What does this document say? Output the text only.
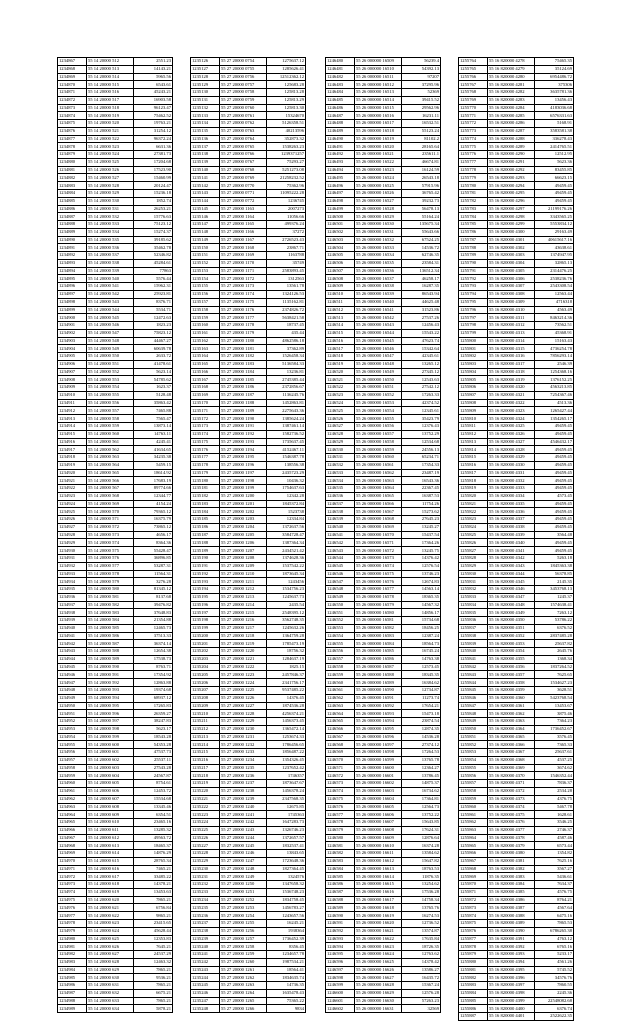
1234867	55 14 20000 512	2551.23
1234868	55 14 20000 513	14143.21
1234869	55 14 20000 514	5965.56
1234870	55 14 20000 515	6543.61
1234871	55 14 20000 516	45243.21
1234872	55 14 20000 517	16903.58
1234873	55 14 20000 518	96123.47
1234874	55 14 20000 519	75462.52
1234875	55 14 20000 520	19763.21
1234876	55 14 20000 521	31254.12
1234877	55 14 20000 522	96372.24
1234878	55 14 20000 523	6631.36
1234879	55 14 20000 524	27381.73
1234880	55 14 20000 525	17204.68
1234881	55 14 20000 526	17523.90
1234882	55 14 20000 527	15460.99
1234883	55 14 20000 528	20124.47
1234884	55 14 20000 529	15236.18
1234885	55 14 20000 530	1852.74
1234886	55 14 20000 531	26253.21
1234887	55 14 20000 532	15776.63
1234888	55 14 20000 533	75123.12
1234889	55 14 20000 534	15274.37
1234890	55 14 20000 535	39185.62
1234891	55 14 20000 536	35462.78
1234892	55 14 20000 537	52346.82
1234893	55 14 20000 538	45284.61
1234894	55 14 20000 539	77863
1234895	55 14 20000 540	5576.44
1234896	55 14 20000 541	15962.31
1234897	55 14 20000 542	25923.81
1234898	55 14 20000 543	8376.71
1234899	55 14 20000 544	5534.71
1234900	55 14 20000 545	12472.63
1234901	55 14 20000 546	1823.23
1234902	55 14 20000 547	75823.12
1234903	55 14 20000 548	44467.27
1234904	55 14 20000 549	60639.78
1234905	55 14 20000 550	2633.72
1234906	55 14 20000 551	41478.61
1234907	55 14 20000 552	5623.14
1234908	55 14 20000 553	54785.62
1234909	55 14 20000 554	1623.37
1234910	55 14 20000 555	5128.48
1234911	55 14 20000 556	35863.42
1234912	55 14 20000 557	7465.88
1234913	55 14 20000 558	7565.47
1234914	55 14 20000 559	13873.14
1234915	55 14 20000 560	14763.11
1234916	55 14 20000 561	4245.41
1234917	55 14 20000 562	41634.65
1234918	55 14 20000 563	34235.38
1234919	55 14 20000 564	5459.15
1234920	55 14 20000 565	18614.92
1234921	55 14 20000 566	17683.19
1234922	55 14 20000 567	89774.66
1234923	55 14 20000 568	12344.77
1234924	55 14 20000 569	4154.24
1234925	55 14 20000 570	79365.12
1234926	55 14 20000 571	16375.79
1234927	55 14 20000 572	73865.12
1234928	55 14 20000 573	4656.17
1234929	55 14 20000 574	8364.36
1234930	55 14 20000 575	55428.47
1234931	55 14 20000 576	36896.85
1234932	55 14 20000 577	53287.31
1234933	55 14 20000 578	11564.31
1234934	55 14 20000 579	3276.28
1234935	55 14 20000 580	81345.12
1234936	55 14 20000 581	8137.68
1234937	55 14 20000 582	39476.82
1234938	55 14 20000 583	37648.83
1234939	55 14 20000 584	21354.88
1234940	55 14 20000 585	12465.73
1234941	55 14 20000 586	37513.33
1234942	55 14 20000 587	36374.14
1234943	55 14 20000 588	12654.38
1234944	55 14 20000 589	17538.73
1234945	55 14 20000 590	8763.71
1234946	55 14 20000 591	17354.92
1234947	55 14 20000 592	12863.88
1234948	55 14 20000 593	19374.68
1234949	55 14 20000 594	68937.12
1234950	55 14 20000 595	17265.83
1234951	55 14 20000 596	26359.27
1234952	55 14 20000 597	38247.83
1234953	55 14 20000 598	5623.17
1234954	55 14 20000 599	18543.28
1234955	55 14 20000 600	54353.28
1234956	55 14 20000 601	47537.73
1234957	55 14 20000 602	25537.11
1234958	55 14 20000 603	27543.28
1234959	55 14 20000 604	24567.87
1234960	55 14 20000 605	8754.61
1234961	55 14 20000 606	12453.72
1234962	55 14 20000 607	15534.68
1234963	55 14 20000 608	13345.46
1234964	55 14 20000 609	6354.51
1234965	55 14 20000 610	23465.16
1234966	55 14 20000 611	13285.32
1234967	55 14 20000 612	49563.72
1234968	55 14 20000 613	18465.37
1234969	55 14 20000 614	14876.29
1234970	55 14 20000 615	28765.34
1234971	55 14 20000 616	7465.21
1234972	55 14 20000 617	33485.22
1234973	55 14 20000 618	14378.21
1234974	55 14 20000 619	13453.63
1234975	55 14 20000 620	7865.21
1234976	55 14 20000 621	6756.84
1234977	55 14 20000 622	9865.21
1234978	55 14 20000 623	23415.65
1234979	55 14 20000 624	45628.44
1234980	55 14 20000 625	12353.83
1234981	55 14 20000 626	7645.21
1234982	55 14 20000 627	24537.29
1234983	55 14 20000 628	12463.32
1234984	55 14 20000 629	7865.21
1234985	55 14 20000 630	9536.21
1234986	55 14 20000 631	7865.21
1234987	55 14 20000 632	6675.21
1234988	55 14 20000 633	7865.21
1234989	55 14 20000 634	5878.21
1235126	55 27 20000 0754	1275637.12
1235127	55 27 20000 0755	1285626.41
1235128	55 27 20000 0756	12512362.12
1235129	55 27 20000 0757	125683.28
1235130	55 27 20000 0758	125813.28
1235131	55 27 20000 0759	125813.29
1235132	55 27 20000 0760	125813.30
1235133	55 27 20000 0761	15324670
1235134	55 27 20000 0762	5126358.51
1235135	55 27 20000 0763	40213596
1235136	55 27 20000 0764	352873.32
1235137	55 27 20000 0765	1538263.23
1235138	55 27 20000 0766	1239371257
1235139	55 27 20000 0767	75293.27
1235140	55 27 20000 0768	5251273.08
1235141	55 27 20000 0769	21258232.52
1235142	55 27 20000 0770	75362.96
1235143	55 27 20000 0771	11095222.28
1235144	55 27 20000 0772	1236745
1235145	55 27 20000 1163	2007273
1235146	55 27 20000 1164	11056.66
1235147	55 27 20000 1165	499376.24
1235148	55 27 20000 1166	37272
1235149	55 27 20000 1167	2726523.43
1235150	55 27 20000 1168	23867.71
1235151	55 27 20000 1169	1163788
1235152	55 27 20000 1170	35749
1235153	55 27 20000 1171	2583893.45
1235154	55 27 20000 1172	1312563
1235155	55 27 20000 1173	13561.78
1235156	55 27 20000 1174	1324126.53
1235157	55 27 20000 1175	1135162.81
1235158	55 27 20000 1176	2374826.72
1235159	55 27 20000 1177	5638421.58
1235160	55 27 20000 1178	18737.45
1235161	55 27 20000 1179	435.44
1235162	55 27 20000 1180	4862586.18
1235163	55 27 20000 1181	37362.89
1235164	55 27 20000 1182	1526458.34
1235165	55 27 20000 1183	5136584.33
1235166	55 27 20000 1184	13236.81
1235167	55 27 20000 1185	2745385.44
1235168	55 27 20000 1186	2372856.67
1235169	55 27 20000 1187	1136245.76
1235170	55 27 20000 1188	1452863.81
1235171	55 27 20000 1189	2275643.36
1235172	55 27 20000 1190	1385624.24
1235173	55 27 20000 1191	1387461.14
1235174	55 27 20000 1192	1582736.52
1235175	55 27 20000 1193	1735637.45
1235176	55 27 20000 1194	4152467.11
1235177	55 27 20000 1195	1546387.78
1235178	55 27 20000 1196	138556.38
1235179	55 27 20000 1197	2435723.29
1235180	55 27 20000 1198	10436.32
1235181	55 27 20000 1199	1754637.63
1235182	55 27 20000 1200	12342.28
1235183	55 27 20000 1201	1845372.84
1235184	55 27 20000 1202	1523738
1235185	55 27 20000 1203	12334.84
1235186	55 27 20000 1204	1372637.56
1235187	55 27 20000 1205	3584728.47
1235188	55 27 20000 1206	1387364.34
1235189	55 27 20000 1207	2434521.42
1235190	55 27 20000 1208	1374628.36
1235191	55 27 20000 1209	1537542.22
1235192	55 27 20000 1210	1873645.34
1235193	55 27 20000 1211	1243456
1235194	55 27 20000 1212	1534756.23
1235195	55 27 20000 1213	1245637.73
1235196	55 27 20000 1214	2435.54
1235197	55 27 20000 1215	2548395.12
1235198	55 27 20000 1216	3562748.35
1235199	55 27 20000 1217	1245632.26
1235200	55 27 20000 1218	1364759.28
1235201	55 27 20000 1219	1785473.19
1235202	55 27 20000 1220	18756.32
1235203	55 27 20000 1221	1284637.19
1235204	55 27 20000 1222	1825.15
1235205	55 27 20000 1223	2457846.37
1235206	55 27 20000 1224	2341756.17
1235207	55 27 20000 1225	9537485.22
1235208	55 27 20000 1226	14376.45
1235209	55 27 20000 1227	1874536.28
1235210	55 27 20000 1228	4256374.21
1235211	55 27 20000 1229	1456373.45
1235212	55 27 20000 1230	1365472.14
1235213	55 27 20000 1231	1253674.33
1235214	55 27 20000 1232	1786456.65
1235215	55 27 20000 1233	1856487.22
1235216	55 27 20000 1234	1354326.45
1235217	55 27 20000 1235	1237652.42
1235218	55 27 20000 1236	1746357
1235219	55 27 20000 1237	1873647.67
1235220	55 27 20000 1238	1456378.24
1235221	55 27 20000 1239	2347568.35
1235222	55 27 20000 1240	12675.85
1235223	55 27 20000 1241	1745363
1235224	55 27 20000 1242	1647283.73
1235225	55 27 20000 1243	1326746.23
1235226	55 27 20000 1244	1372657.57
1235227	55 27 20000 1245	1832537.41
1235228	55 27 20000 1246	13843.65
1235229	55 27 20000 1247	1723648.36
1235230	55 27 20000 1248	1827364.45
1235231	55 27 20000 1249	1324576
1235232	55 27 20000 1250	1347658.32
1235233	55 27 20000 1251	1536748.23
1235234	55 27 20000 1252	1834758.45
1235235	55 27 20000 1253	1456783.27
1235236	55 27 20000 1254	1243657.56
1235237	55 27 20000 1255	16245.21
1235238	55 27 20000 1256	1938364
1235239	55 27 20000 1257	1736452.39
1235240	55 27 20000 1258	8356.45
1235241	55 27 20000 1259	1234657.78
1235242	55 27 20000 1260	1987534.21
1235243	55 27 20000 1261	18564.41
1235244	55 27 20000 1262	1834635.74
1235245	55 27 20000 1263	14736.35
1235246	55 27 20000 1264	1635478.43
1235247	55 27 20000 1265	75365.22
1235248	55 27 20000 1266	9834
1246480	55 26 000000 16509	56239.4
1246481	55 26 000000 16510	54392.13
1246482	55 26 000000 16511	97207
1246483	55 26 000000 16512	37295.96
1246484	55 26 000000 16513	52369
1246485	55 26 000000 16514	39415.52
1246486	55 26 000000 16515	29562.96
1246487	55 26 000000 16516	16231.11
1246488	55 26 000000 16517	16532.51
1246489	55 26 000000 16518	55123.24
1246490	55 26 000000 16519	81102.2
1246491	55 26 000000 16520	28165.64
1246492	55 26 000000 16521	235611.1
1246493	55 26 000000 16522	46674.81
1246494	55 26 000000 16523	16124.59
1246495	55 26 000000 16524	26543.18
1246496	55 26 000000 16525	57915.96
1246497	55 26 000000 16526	36765.42
1246498	55 26 000000 16527	39232.73
1246499	55 26 000000 16528	56478.13
1246500	55 26 000000 16529	55164.24
1246501	55 26 000000 16530	135675.34
1246502	55 26 000000 16531	55643.66
1246503	55 26 000000 16532	67524.25
1246504	55 26 000000 16533	14536.72
1246505	55 26 000000 16534	62746.35
1246506	55 26 000000 16535	23584.31
1246507	55 26 000000 16536	136512.34
1246508	55 26 000000 16537	46258.17
1246509	55 26 000000 16538	16287.35
1246510	55 26 000000 16539	86543.94
1246511	55 26 000000 16540	44625.48
1246512	55 26 000000 16541	31523.86
1246513	55 26 000000 16542	27537.26
1246514	55 26 000000 16543	12456.43
1246515	55 26 000000 16544	15543.22
1246516	55 26 000000 16545	47623.74
1246517	55 26 000000 16546	15342.64
1246518	55 26 000000 16547	42345.61
1246519	55 26 000000 16548	13265.12
1246520	55 26 000000 16549	27345.12
1246521	55 26 000000 16550	12543.63
1246522	55 26 000000 16551	27542.12
1246523	55 26 000000 16552	17263.33
1246524	55 26 000000 16553	42374.52
1246525	55 26 000000 16554	12345.61
1246526	55 26 000000 16555	35423.79
1246527	55 26 000000 16556	12376.43
1246528	55 26 000000 16557	13752.29
1246529	55 26 000000 16558	12534.68
1246530	55 26 000000 16559	24556.13
1246531	55 26 000000 16560	65234.71
1246532	55 26 000000 16561	17354.33
1246533	55 26 000000 16562	23487.19
1246534	55 26 000000 16563	16543.36
1246535	55 26 000000 16564	22367.45
1246536	55 26 000000 16565	16387.53
1246537	55 26 000000 16566	11754.26
1246538	55 26 000000 16567	15273.62
1246539	55 26 000000 16568	27645.23
1246540	55 26 000000 16569	13245.27
1246541	55 26 000000 16570	15437.54
1246542	55 26 000000 16571	17364.26
1246543	55 26 000000 16572	13245.75
1246544	55 26 000000 16573	14376.42
1246545	55 26 000000 16574	12576.54
1246546	55 26 000000 16575	13746.23
1246547	55 26 000000 16576	12674.83
1246548	55 26 000000 16577	14563.14
1246549	55 26 000000 16578	18365.35
1246550	55 26 000000 16579	14567.32
1246551	55 26 000000 16580	14856.17
1246552	55 26 000000 16581	15734.68
1246553	55 26 000000 16582	18456.25
1246554	55 26 000000 16583	12387.24
1246555	55 26 000000 16584	18564.73
1246556	55 26 000000 16585	16745.24
1246557	55 26 000000 16586	14763.38
1246558	55 26 000000 16587	12573.45
1246559	55 26 000000 16588	18345.35
1246560	55 26 000000 16589	16384.62
1246561	55 26 000000 16590	12734.87
1246562	55 26 000000 16591	11273.74
1246563	55 26 000000 16592	17654.21
1246564	55 26 000000 16593	15473.18
1246565	55 26 000000 16594	23874.54
1246566	55 26 000000 16595	12874.35
1246567	55 26 000000 16596	14536.28
1246568	55 26 000000 16597	27374.12
1246569	55 26 000000 16598	17264.53
1246570	55 26 000000 16599	13765.78
1246571	55 26 000000 16600	12364.27
1246572	55 26 000000 16601	13786.45
1246573	55 26 000000 16602	14875.37
1246574	55 26 000000 16603	16734.62
1246575	55 26 000000 16604	17364.81
1246576	55 26 000000 16605	12564.73
1246577	55 26 000000 16606	13752.22
1246578	55 26 000000 16607	15643.85
1246579	55 26 000000 16608	17624.31
1246580	55 26 000000 16609	12876.64
1246581	55 26 000000 16610	16374.28
1246582	55 26 000000 16611	13584.62
1246583	55 26 000000 16612	15647.82
1246584	55 26 000000 16613	18763.53
1246585	55 26 000000 16614	11876.35
1246586	55 26 000000 16615	13254.62
1246587	55 26 000000 16616	17536.28
1246588	55 26 000000 16617	14758.34
1246589	55 26 000000 16618	13765.76
1246590	55 26 000000 16619	16274.53
1246591	55 26 000000 16620	12736.52
1246592	55 26 000000 16621	13574.87
1246593	55 26 000000 16622	17635.84
1246594	55 26 000000 16623	18726.35
1246595	55 26 000000 16624	12763.62
1246596	55 26 000000 16625	14378.42
1246597	55 26 000000 16626	13586.27
1246598	55 26 000000 16627	16435.72
1246599	55 26 000000 16628	15367.24
1246600	55 26 000000 16629	12576.28
1246601	55 26 000000 16630	57263.23
1246602	55 26 000000 16631	32569
1255764	55 16 820000 4278	75465.35
1255765	55 16 820000 4279	35124.69
1255766	55 16 820000 4280	6954486.72
1255767	55 16 820000 4281	375306
1255768	55 16 820000 4282	3635781.36
1255769	55 16 820000 4283	13456.43
1255770	55 16 820000 4284	4183036.68
1255771	55 16 820000 4285	6576331.63
1255772	55 16 820000 4286	5168.91
1255773	55 16 820000 4287	3583581.38
1255774	55 16 820000 4288	336278.43
1255775	55 16 820000 4289	2414765.51
1255776	55 16 820000 4290	12512.95
1255777	55 16 820000 4291	5623.36
1255778	55 16 820000 4292	83455.85
1255779	55 16 820000 4293	66623.15
1255780	55 16 820000 4294	49459.45
1255781	55 16 820000 4295	49459.45
1255782	55 16 820000 4296	49459.45
1255783	55 16 820000 4297	21199176.26
1255784	55 16 820000 4298	3343565.25
1255785	55 16 820000 4299	5553834.12
1255786	55 16 820000 4300	29163.49
1255787	55 16 820000 4301	40615617.16
1255788	55 16 820000 4302	43638.61
1255789	55 16 820000 4303	1374947.95
1255790	55 16 820000 4304	32865.13
1255791	55 16 820000 4305	2314476.25
1255792	55 16 820000 4306	2538236.76
1255793	55 16 820000 4307	2543308.54
1255794	55 16 820000 4308	12563.44
1255795	55 16 820000 4309	4716318
1255796	55 16 820000 4310	4563.49
1255797	55 16 820000 4311	8463214.36
1255798	55 16 820000 4312	73562.51
1255799	55 16 820000 4313	45368.91
1255800	55 16 820000 4314	15163.43
1255801	55 16 820000 4315	4736254.78
1255802	55 16 820000 4316	7856293.14
1255803	55 16 820000 4317	2546.39
1255804	55 16 820000 4318	1254368.16
1255805	55 16 820000 4319	1376152.25
1255806	55 16 820000 4320	4563213.85
1255807	55 16 820000 4321	7254367.46
1255808	55 16 820000 4322	4513.36
1255809	55 16 820000 4323	1265427.44
1255810	55 16 820000 4324	1354265.17
1255811	55 16 820000 4325	49459.45
1255812	55 16 820000 4326	49459.45
1255813	55 16 820000 4327	4546432.17
1255814	55 16 820000 4328	49459.45
1255815	55 16 820000 4329	49459.45
1255816	55 16 820000 4330	49459.45
1255817	55 16 820000 4331	49459.45
1255818	55 16 820000 4332	49459.45
1255819	55 16 820000 4333	49459.45
1255820	55 16 820000 4334	4573.45
1255821	55 16 820000 4335	49459.45
1255822	55 16 820000 4336	49459.45
1255823	55 16 820000 4337	49459.45
1255824	55 16 820000 4338	49459.45
1255825	55 16 820000 4339	3564.48
1255826	55 16 820000 4340	49459.45
1255827	55 16 820000 4341	49459.45
1255828	55 16 820000 4342	5263.18
1255829	55 16 820000 4343	1845363.38
1255830	55 16 820000 4344	56378.85
1255831	55 16 820000 4345	2145.35
1255832	55 16 820000 4346	3453768.13
1255833	55 16 820000 4347	1245.37
1255834	55 16 820000 4348	1574638.41
1255835	55 16 820000 4349	7263.12
1255836	55 16 820000 4350	53786.22
1255837	55 16 820000 4351	6376.52
1255838	55 16 820000 4352	2837485.28
1255839	55 16 820000 4353	25637.82
1255840	55 16 820000 4354	2645.76
1255841	55 16 820000 4355	1368.34
1255842	55 16 820000 4356	1837264.52
1255843	55 16 820000 4357	7625.65
1255844	55 16 820000 4358	1534627.23
1255845	55 16 820000 4359	3628.51
1255846	55 16 820000 4360	5423768.54
1255847	55 16 820000 4361	13453.67
1255848	55 16 820000 4362	3875.46
1255849	55 16 820000 4363	7364.23
1255850	55 16 820000 4364	1736452.67
1255851	55 16 820000 4365	3576.45
1255852	55 16 820000 4366	7365.33
1255853	55 16 820000 4367	25637.61
1255854	55 16 820000 4368	4537.25
1255855	55 16 820000 4369	3674.62
1255856	55 16 820000 4370	1546352.44
1255857	55 16 820000 4371	7836.37
1255858	55 16 820000 4372	2534.28
1255859	55 16 820000 4373	4376.75
1255860	55 16 820000 4374	5467.78
1255861	55 16 820000 4375	1628.61
1255862	55 16 820000 4376	3546.25
1255863	55 16 820000 4377	2746.37
1255864	55 16 820000 4378	4587.46
1255865	55 16 820000 4379	6573.44
1255866	55 16 820000 4380	1354.82
1255867	55 16 820000 4381	7625.16
1255868	55 16 820000 4382	3567.27
1255869	55 16 820000 4383	5436.61
1255870	55 16 820000 4384	7634.37
1255871	55 16 820000 4385	4576.75
1255872	55 16 820000 4386	8764.21
1255873	55 16 820000 4387	4567.64
1255874	55 16 820000 4388	6475.16
1255875	55 16 820000 4389	7865.53
1255876	55 16 820000 4390	6786265.38
1255877	55 16 820000 4391	4763.12
1255878	55 16 820000 4392	6765.16
1255879	55 16 820000 4393	5233.17
1255880	55 16 820000 4394	4561.26
1255881	55 16 820000 4395	5745.52
1255882	55 16 820000 4396	34576.76
1255883	55 16 820000 4397	7860.55
1255884	55 16 820000 4398	2245.36
1255885	55 16 820000 4399	22548082.68
1255886	55 16 820000 4400	6376.74
1255887	55 16 820000 4401	2522622.35
